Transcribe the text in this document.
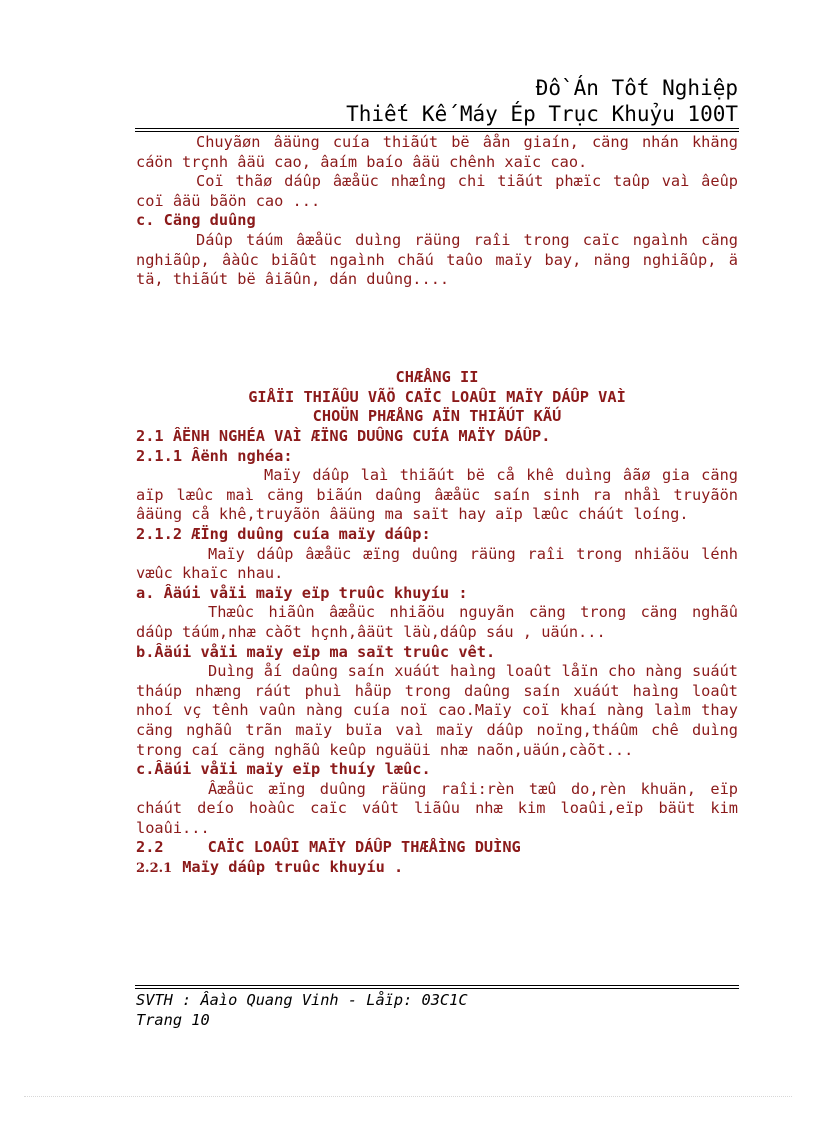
Đồ Án Tốt Nghiệp
Thiết Kế Máy Ép Trục Khuỷu 100T

Chuyãøn âäüng cuía thiãút bë âån giaín, cäng nhán khäng cáön trçnh âäü cao, âaím baío âäü chênh xaïc cao.

Coï thãø dáûp âæåüc nhæîng chi tiãút phæïc taûp vaì âeûp coï âäü bãön cao ...

c. Cäng duûng

Dáûp táúm âæåüc duìng räüng raîi trong caïc ngaình cäng nghiãûp, âàûc biãût ngaình chãú taûo maïy bay, näng nghiãûp, ä tä, thiãút bë âiãûn, dán duûng....

CHÆÅNG II

GIÅÏI THIÃÛU VÃÖ CAÏC LOAÛI MAÏY DÁÛP VAÌ

CHOÜN PHÆÅNG AÏN THIÃÚT KÃÚ

2.1 ÂËNH NGHÉA VAÌ ÆÏNG DUÛNG CUÍA MAÏY DÁÛP.

2.1.1 Âënh nghéa:

Maïy dáûp laì thiãút bë cå khê duìng âãø gia cäng aïp læûc maì cäng biãún daûng âæåüc saín sinh ra nhåì truyãön âäüng cå khê,truyãön âäüng ma saït hay aïp læûc cháút loíng.

2.1.2 ÆÏng duûng cuía maïy dáûp:

Maïy dáûp âæåüc æïng duûng räüng raîi trong nhiãöu lénh væûc khaïc nhau.

a. Âäúi våïi maïy eïp truûc khuyíu :

Thæûc hiãûn âæåüc nhiãöu nguyãn cäng trong cäng nghãû dáûp táúm,nhæ càõt hçnh,âäüt läù,dáûp sáu , uäún...

b.Âäúi våïi maïy eïp ma saït truûc vêt.

Duìng åí daûng saín xuáút haìng loaût låïn cho nàng suáút tháúp nhæng ráút phuì håüp trong daûng saín xuáút haìng loaût nhoí vç tênh vaûn nàng cuía noï cao.Maïy coï khaí nàng laìm thay cäng nghãû trãn maïy buïa vaì maïy dáûp noïng,tháûm chê duìng trong caí cäng nghãû keûp nguäüi nhæ naõn,uäún,càõt...

c.Âäúi våïi maïy eïp thuíy læûc.

Âæåüc æïng duûng räüng raîi:rèn tæû do,rèn khuän, eïp cháút deío hoàûc caïc váût liãûu nhæ kim loaûi,eïp bäüt kim loaûi...

2.2	CAÏC LOAÛI MAÏY DÁÛP THÆÅÌNG DUÌNG

2.2.1 Maïy dáûp truûc khuyíu .

SVTH : Âaìo Quang Vinh - Låïp: 03C1C
Trang 10
